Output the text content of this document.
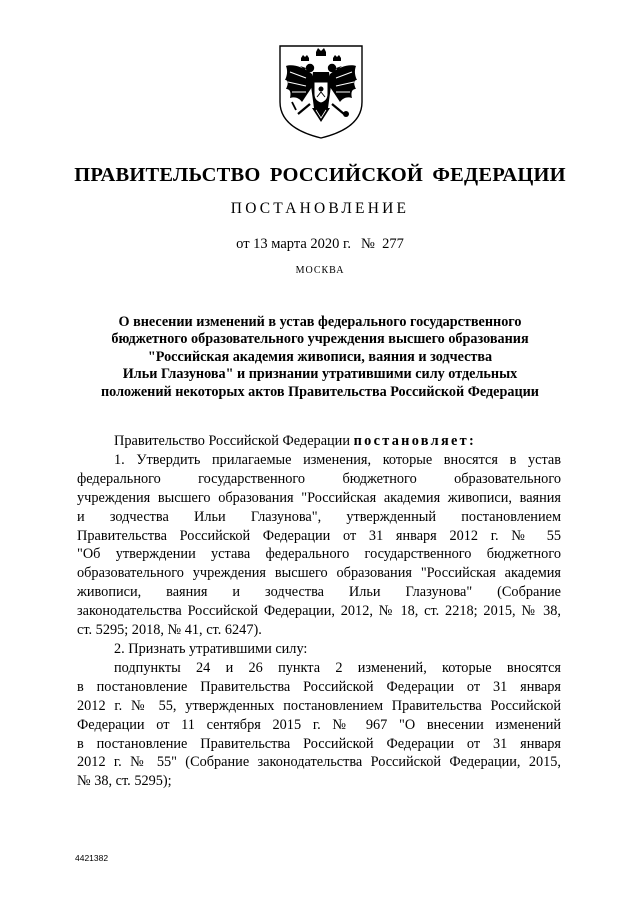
ПРАВИТЕЛЬСТВО РОССИЙСКОЙ ФЕДЕРАЦИИ
ПОСТАНОВЛЕНИЕ
от 13 марта 2020 г. № 277
МОСКВА
О внесении изменений в устав федерального государственного
бюджетного образовательного учреждения высшего образования
"Российская академия живописи, ваяния и зодчества
Ильи Глазунова" и признании утратившими силу отдельных
положений некоторых актов Правительства Российской Федерации
Правительство Российской Федерации постановляет:
1. Утвердить прилагаемые изменения, которые вносятся в устав
федерального государственного бюджетного образовательного
учреждения высшего образования "Российская академия живописи, ваяния
и зодчества Ильи Глазунова", утвержденный постановлением
Правительства Российской Федерации от 31 января 2012 г. № 55
"Об утверждении устава федерального государственного бюджетного
образовательного учреждения высшего образования "Российская академия
живописи, ваяния и зодчества Ильи Глазунова" (Собрание
законодательства Российской Федерации, 2012, № 18, ст. 2218; 2015, № 38,
ст. 5295; 2018, № 41, ст. 6247).
2. Признать утратившими силу:
подпункты 24 и 26 пункта 2 изменений, которые вносятся
в постановление Правительства Российской Федерации от 31 января
2012 г. № 55, утвержденных постановлением Правительства Российской
Федерации от 11 сентября 2015 г. № 967 "О внесении изменений
в постановление Правительства Российской Федерации от 31 января
2012 г. № 55" (Собрание законодательства Российской Федерации, 2015,
№ 38, ст. 5295);
4421382
